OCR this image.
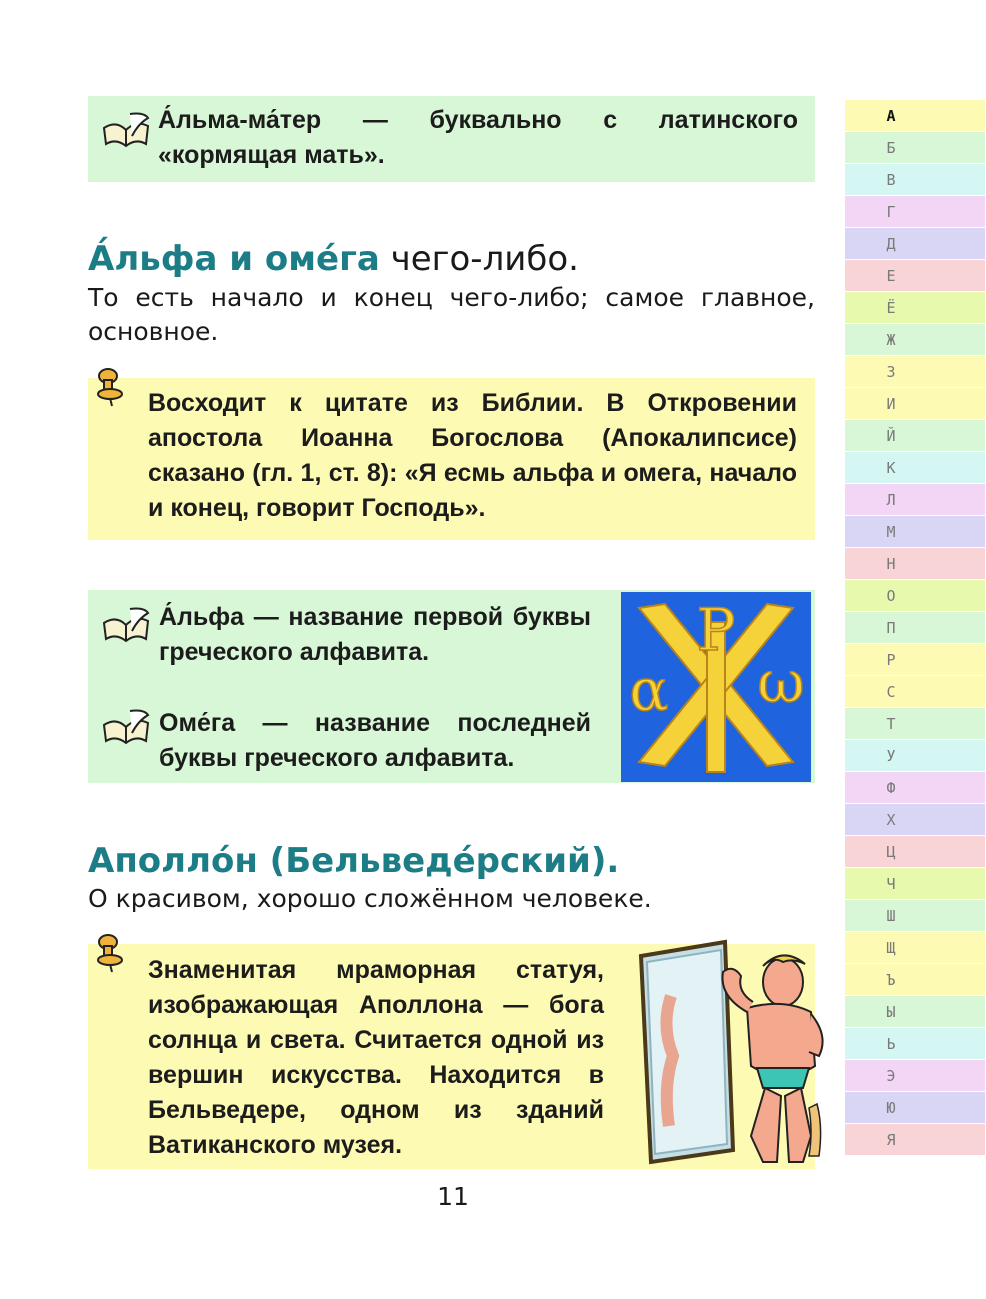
А́льма-ма́тер — буквально с латинского «кормящая мать».
А́льфа и оме́га чего-либо.
То есть начало и конец чего-либо; самое главное, основное.
Восходит к цитате из Библии. В Откровении апостола Иоанна Богослова (Апокалипсисе) сказано (гл. 1, ст. 8): «Я есмь альфа и омега, начало и конец, говорит Господь».
А́льфа — название первой буквы греческого алфавита.
Оме́га — название последней буквы греческого алфавита.
P
α ω
Аполло́н (Бельведе́рский).
О красивом, хорошо сложённом человеке.
Знаменитая мраморная статуя, изображающая Аполлона — бога солнца и света. Считается одной из вершин искусства. Находится в Бельведере, одном из зданий Ватиканского музея.
11
А
Б
В
Г
Д
Е
Ё
Ж
З
И
Й
К
Л
М
Н
О
П
Р
С
Т
У
Ф
Х
Ц
Ч
Ш
Щ
Ъ
Ы
Ь
Э
Ю
Я
